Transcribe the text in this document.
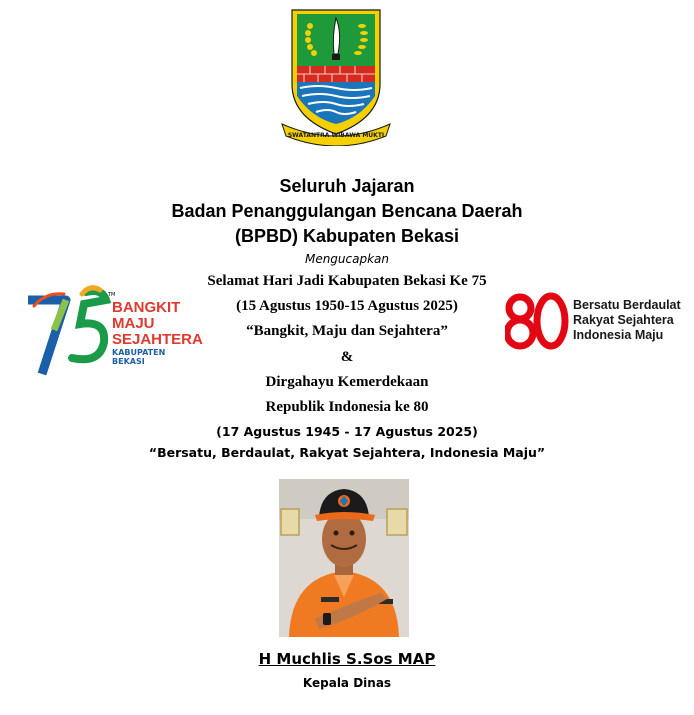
SWATANTRA WIBAWA MUKTI
Seluruh Jajaran
Badan Penanggulangan Bencana Daerah
(BPBD) Kabupaten Bekasi
Mengucapkan
Selamat Hari Jadi Kabupaten Bekasi Ke 75
(15 Agustus 1950-15 Agustus 2025)
“Bangkit, Maju dan Sejahtera”
&
Dirgahayu Kemerdekaan
Republik Indonesia ke 80
(17 Agustus 1945 - 17 Agustus 2025)
“Bersatu, Berdaulat, Rakyat Sejahtera, Indonesia Maju”
TM
BANGKIT
MAJU
SEJAHTERA
KABUPATEN BEKASI
Bersatu Berdaulat
Rakyat Sejahtera
Indonesia Maju
H Muchlis S.Sos MAP
Kepala Dinas
